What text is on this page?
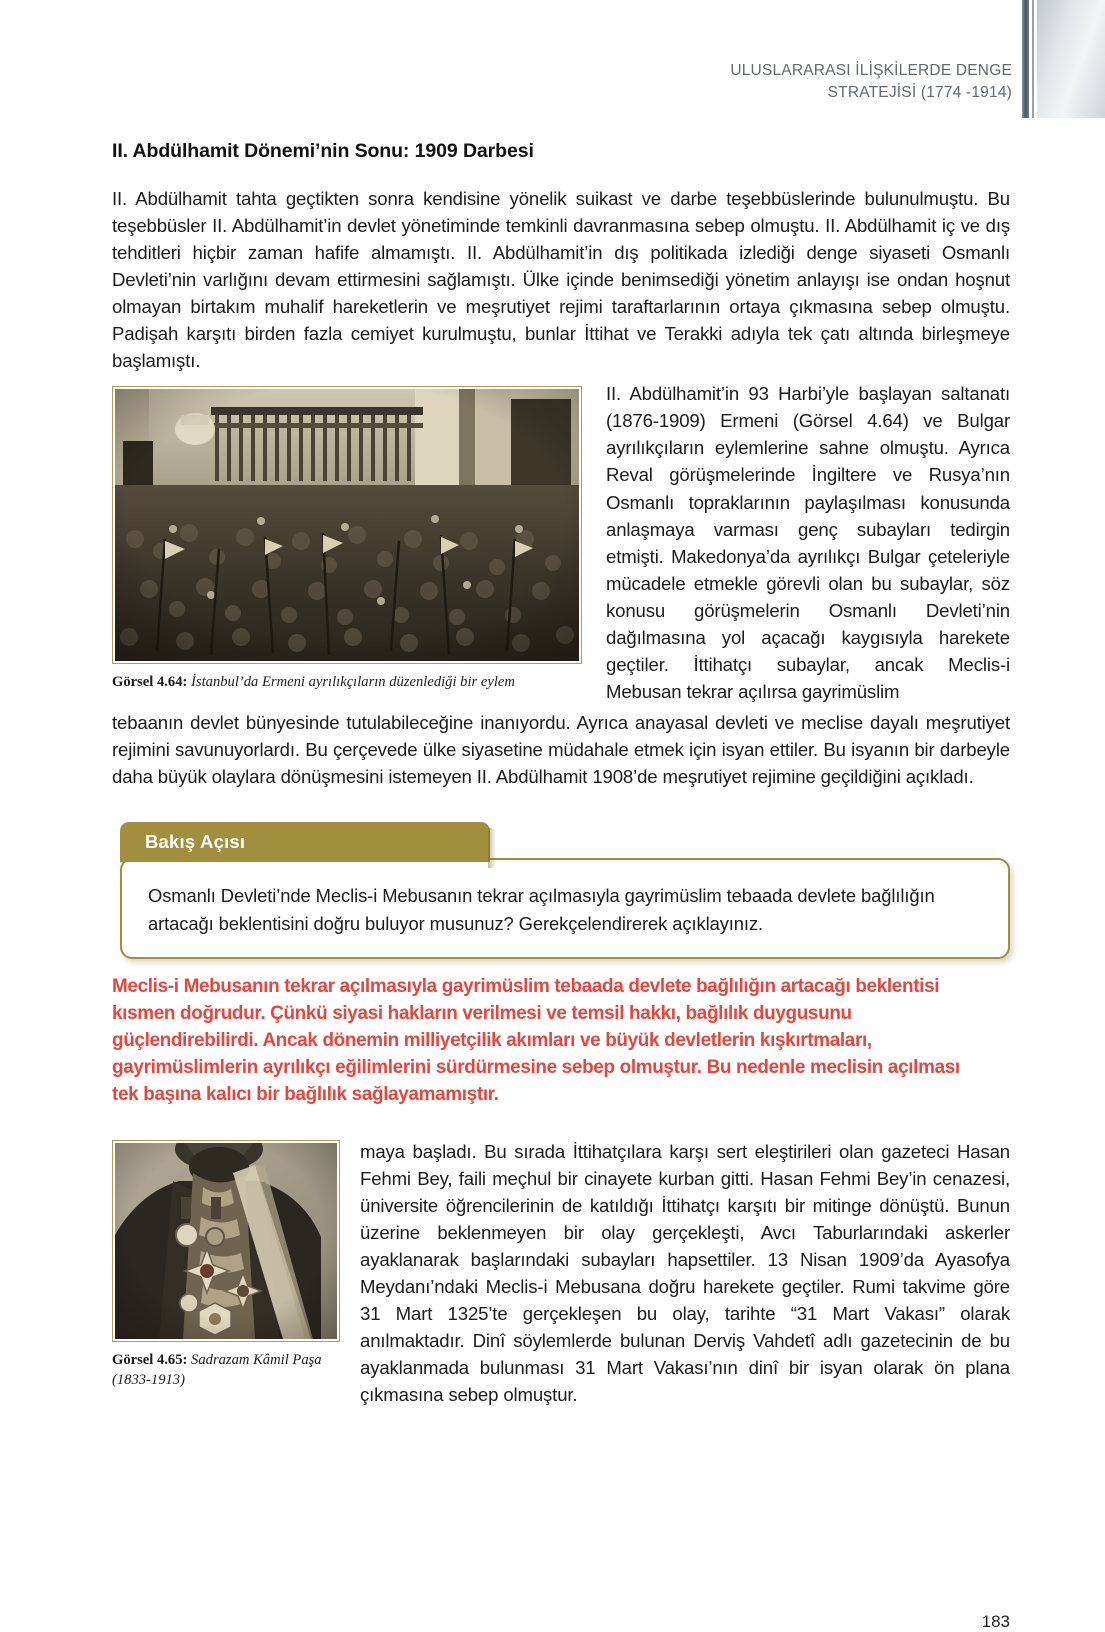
ULUSLARARASI İLİŞKİLERDE DENGE
STRATEJİSİ (1774 -1914)
II. Abdülhamit Dönemi’nin Sonu: 1909 Darbesi

II. Abdülhamit tahta geçtikten sonra kendisine yönelik suikast ve darbe teşebbüslerinde bulunulmuştu. Bu teşebbüsler II. Abdülhamit’in devlet yönetiminde temkinli davranmasına sebep olmuştu. II. Abdülhamit iç ve dış tehditleri hiçbir zaman hafife almamıştı. II. Abdülhamit’in dış politikada izlediği denge siyaseti Osmanlı Devleti’nin varlığını devam ettirmesini sağlamıştı. Ülke içinde benimsediği yönetim anlayışı ise ondan hoşnut olmayan birtakım muhalif hareketlerin ve meşrutiyet rejimi taraftarlarının ortaya çıkmasına sebep olmuştu. Padişah karşıtı birden fazla cemiyet kurulmuştu, bunlar İttihat ve Terakki adıyla tek çatı altında birleşmeye başlamıştı.

Görsel 4.64: İstanbul’da Ermeni ayrılıkçıların düzenlediği bir eylem
II. Abdülhamit’in 93 Harbi’yle başlayan saltanatı (1876-1909) Ermeni (Görsel 4.64) ve Bulgar ayrılıkçıların eylemlerine sahne olmuştu. Ayrıca Reval görüşmelerinde İngiltere ve Rusya’nın Osmanlı topraklarının paylaşılması konusunda anlaşmaya varması genç subayları tedirgin etmişti. Makedonya’da ayrılıkçı Bulgar çeteleriyle mücadele etmekle görevli olan bu subaylar, söz konusu görüşmelerin Osmanlı Devleti’nin dağılmasına yol açacağı kaygısıyla harekete geçtiler. İttihatçı subaylar, ancak Meclis-i Mebusan tekrar açılırsa gayrimüslim

tebaanın devlet bünyesinde tutulabileceğine inanıyordu. Ayrıca anayasal devleti ve meclise dayalı meşrutiyet rejimini savunuyorlardı. Bu çerçevede ülke siyasetine müdahale etmek için isyan ettiler. Bu isyanın bir darbeyle daha büyük olaylara dönüşmesini istemeyen II. Abdülhamit 1908’de meşrutiyet rejimine geçildiğini açıkladı.

Bakış Açısı
Osmanlı Devleti’nde Meclis-i Mebusanın tekrar açılmasıyla gayrimüslim tebaada devlete bağlılığın artacağı beklentisini doğru buluyor musunuz? Gerekçelendirerek açıklayınız.
Meclis-i Mebusanın tekrar açılmasıyla gayrimüslim tebaada devlete bağlılığın artacağı beklentisi kısmen doğrudur. Çünkü siyasi hakların verilmesi ve temsil hakkı, bağlılık duygusunu güçlendirebilirdi. Ancak dönemin milliyetçilik akımları ve büyük devletlerin kışkırtmaları, gayrimüslimlerin ayrılıkçı eğilimlerini sürdürmesine sebep olmuştur. Bu nedenle meclisin açılması tek başına kalıcı bir bağlılık sağlayamamıştır.
Görsel 4.65: Sadrazam Kâmil Paşa
(1833-1913)
maya başladı. Bu sırada İttihatçılara karşı sert eleştirileri olan gazeteci Hasan Fehmi Bey, faili meçhul bir cinayete kurban gitti. Hasan Fehmi Bey’in cenazesi, üniversite öğrencilerinin de katıldığı İttihatçı karşıtı bir mitinge dönüştü. Bunun üzerine beklenmeyen bir olay gerçekleşti, Avcı Taburlarındaki askerler ayaklanarak başlarındaki subayları hapsettiler. 13 Nisan 1909’da Ayasofya Meydanı’ndaki Meclis-i Mebusana doğru harekete geçtiler. Rumi takvime göre 31 Mart 1325’te gerçekleşen bu olay, tarihte “31 Mart Vakası” olarak anılmaktadır. Dinî söylemlerde bulunan Derviş Vahdetî adlı gazetecinin de bu ayaklanmada bulunması 31 Mart Vakası’nın dinî bir isyan olarak ön plana çıkmasına sebep olmuştur.
183
